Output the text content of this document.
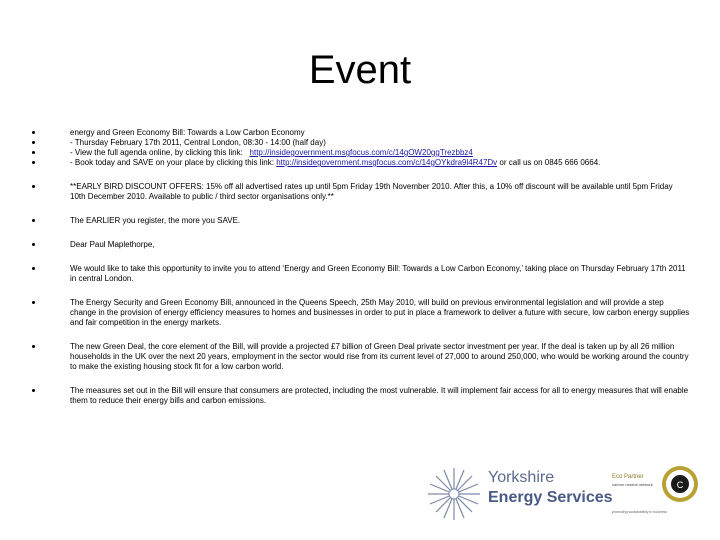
Event
energy and Green Economy Bill: Towards a Low Carbon Economy
- Thursday February 17th 2011, Central London, 08:30 - 14:00 (half day)
- View the full agenda online, by clicking this link:   http://insidegovernment.msgfocus.com/c/14gOW20ggTrezbbz4
- Book today and SAVE on your place by clicking this link: http://insidegovernment.msgfocus.com/c/14gOYkdra9l4R47Dv or call us on 0845 666 0664.
**EARLY BIRD DISCOUNT OFFERS: 15% off all advertised rates up until 5pm Friday 19th November 2010. After this, a 10% off discount will be available until 5pm Friday 10th December 2010. Available to public / third sector organisations only.**
The EARLIER you register, the more you SAVE.
Dear Paul Maplethorpe,
We would like to take this opportunity to invite you to attend ‘Energy and Green Economy Bill: Towards a Low Carbon Economy,’ taking place on Thursday February 17th 2011 in central London.
The Energy Security and Green Economy Bill, announced in the Queens Speech, 25th May 2010, will build on previous environmental legislation and will provide a step change in the provision of energy efficiency measures to homes and businesses in order to put in place a framework to deliver a future with secure, low carbon energy supplies and fair competition in the energy markets.
The new Green Deal, the core element of the Bill, will provide a projected £7 billion of Green Deal private sector investment per year. If the deal is taken up by all 26 million households in the UK over the next 20 years, employment in the sector would rise from its current level of 27,000 to around 250,000, who would be working around the country to make the existing housing stock fit for a low carbon world.
The measures set out in the Bill will ensure that consumers are protected, including the most vulnerable. It will implement fair access for all to energy measures that will enable them to reduce their energy bills and carbon emissions.
Yorkshire
Energy Services
Eco Partner
carbon neutral network	C
promoting sustainability in business
